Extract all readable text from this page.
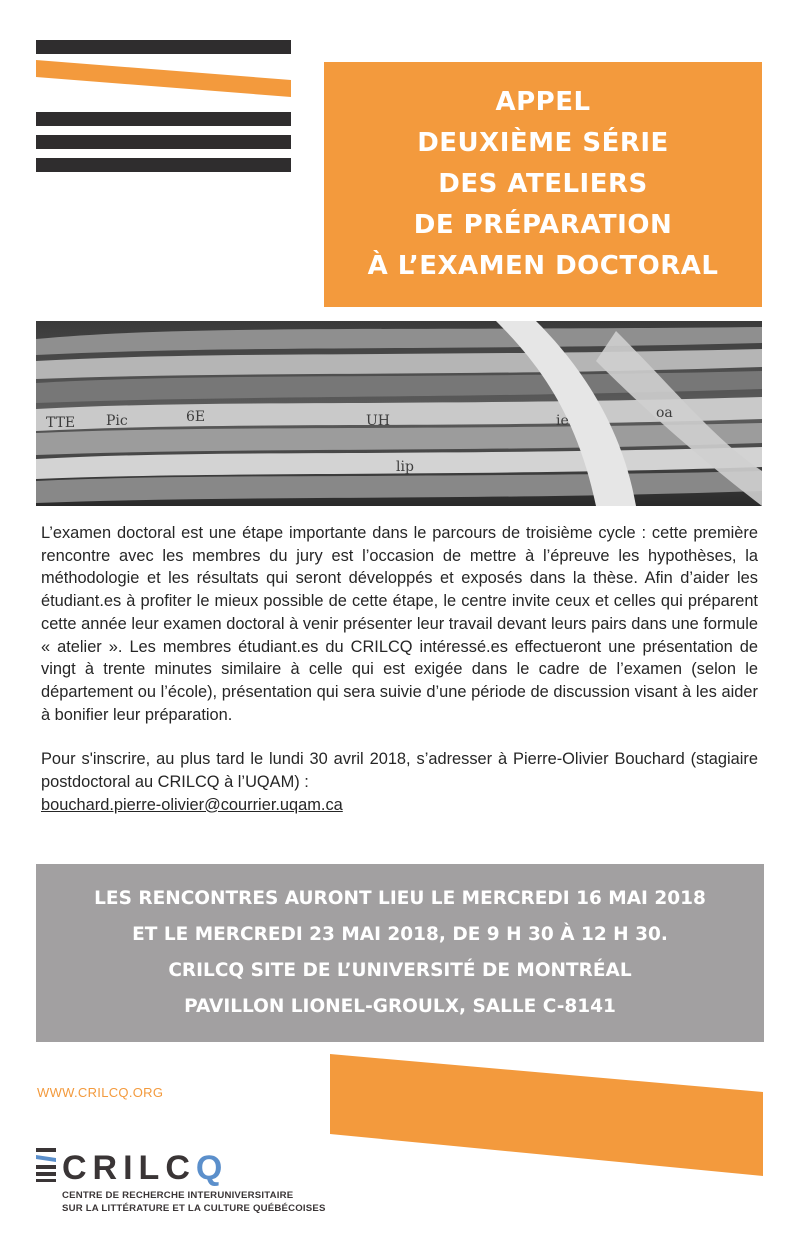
APPEL
DEUXIÈME SÉRIE
DES ATELIERS
DE PRÉPARATION
À L’EXAMEN DOCTORAL
TTE Pic	6E	UH
lip
ie	oa

L’examen doctoral est une étape importante dans le parcours de troisième cycle : cette première rencontre avec les membres du jury est l’occasion de mettre à l’épreuve les hypothèses, la méthodologie et les résultats qui seront développés et exposés dans la thèse. Afin d’aider les étudiant.es à profiter le mieux possible de cette étape, le centre invite ceux et celles qui préparent cette année leur examen doctoral à venir présenter leur travail devant leurs pairs dans une formule « atelier ». Les membres étudiant.es du CRILCQ intéressé.es effectueront une présentation de vingt à trente minutes similaire à celle qui est exigée dans le cadre de l’examen (selon le département ou l’école), présentation qui sera suivie d’une période de discussion visant à les aider à bonifier leur préparation.

Pour s'inscrire, au plus tard le lundi 30 avril 2018, s’adresser à Pierre-Olivier Bouchard (stagiaire postdoctoral au CRILCQ à l’UQAM) :
bouchard.pierre-olivier@courrier.uqam.ca

LES RENCONTRES AURONT LIEU LE MERCREDI 16 MAI 2018
ET LE MERCREDI 23 MAI 2018, DE 9 H 30 À 12 H 30.
CRILCQ SITE DE L’UNIVERSITÉ DE MONTRÉAL
PAVILLON LIONEL-GROULX, SALLE C-8141
WWW.CRILCQ.ORG
CRILCQ
CENTRE DE RECHERCHE INTERUNIVERSITAIRE
SUR LA LITTÉRATURE ET LA CULTURE QUÉBÉCOISES
